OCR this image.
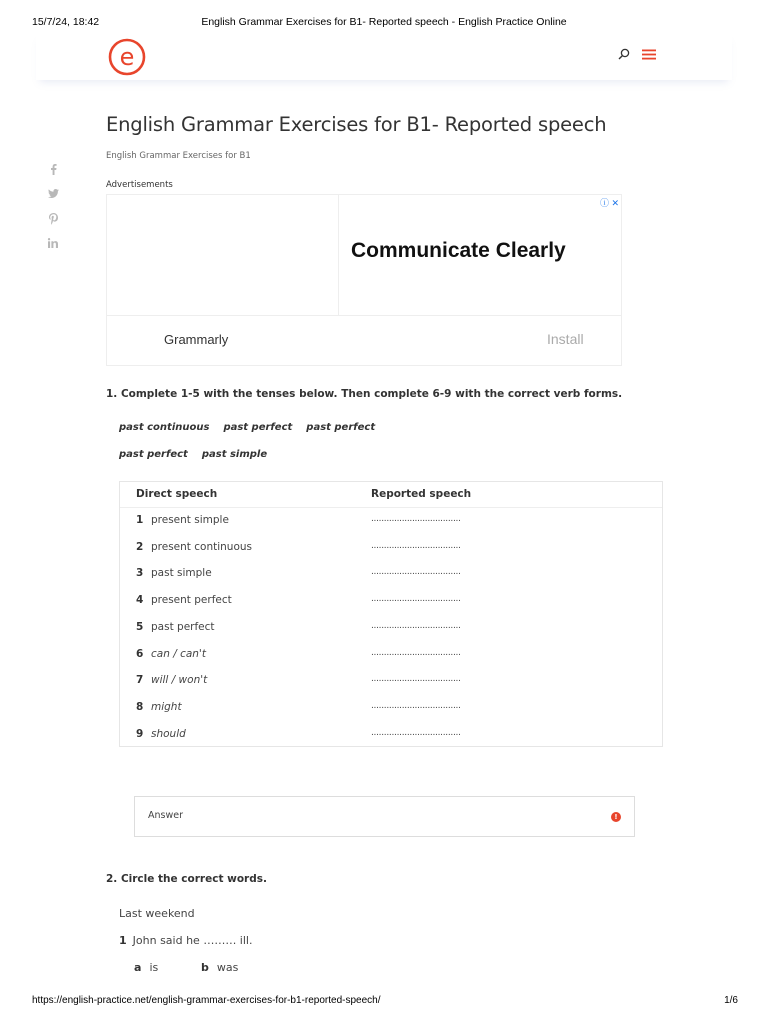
15/7/24, 18:42	English Grammar Exercises for B1- Reported speech - English Practice Online
e
English Grammar Exercises for B1- Reported speech
English Grammar Exercises for B1
Advertisements
ⓘ ✕
Communicate Clearly
Grammarly	Install
1. Complete 1-5 with the tenses below. Then complete 6-9 with the correct verb forms.
past continuous past perfect past perfect
past perfect past simple
Direct speech	Reported speech
1 present simple	...................................
2 present continuous	...................................
3 past simple	...................................
4 present perfect	...................................
5 past perfect	...................................
6 can / can't	...................................
7 will / won't	...................................
8 might	...................................
9 should	...................................
Answer	!
2. Circle the correct words.
Last weekend
1 John said he ……… ill.
a is	b was
https://english-practice.net/english-grammar-exercises-for-b1-reported-speech/	1/6
